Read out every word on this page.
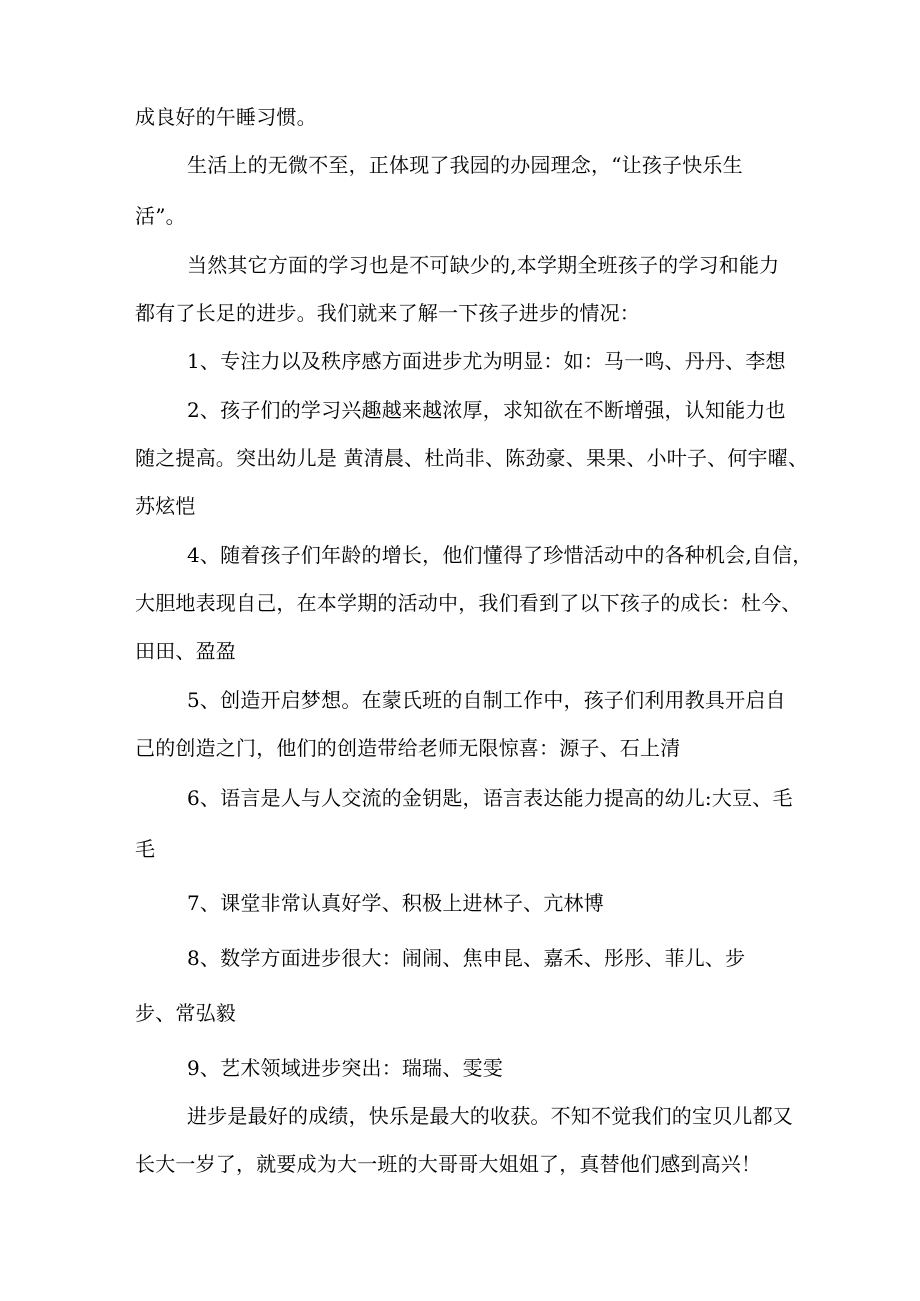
成良好的午睡习惯。
生活上的无微不至，正体现了我园的办园理念，“让孩子快乐生
活”。
当然其它方面的学习也是不可缺少的,本学期全班孩子的学习和能力
都有了长足的进步。我们就来了解一下孩子进步的情况：
1、专注力以及秩序感方面进步尤为明显：如：马一鸣、丹丹、李想
2、孩子们的学习兴趣越来越浓厚，求知欲在不断增强，认知能力也
随之提高。突出幼儿是 黄清晨、杜尚非、陈劲豪、果果、小叶子、何宇曜、
苏炫恺
4、随着孩子们年龄的增长，他们懂得了珍惜活动中的各种机会,自信，
大胆地表现自己，在本学期的活动中，我们看到了以下孩子的成长：杜今、
田田、盈盈
5、创造开启梦想。在蒙氏班的自制工作中，孩子们利用教具开启自
己的创造之门，他们的创造带给老师无限惊喜：源子、石上清
6、语言是人与人交流的金钥匙，语言表达能力提高的幼儿:大豆、毛
毛
7、课堂非常认真好学、积极上进林子、亢林博
8、数学方面进步很大：闹闹、焦申昆、嘉禾、彤彤、菲儿、步
步、常弘毅
9、艺术领域进步突出：瑞瑞、雯雯
进步是最好的成绩，快乐是最大的收获。不知不觉我们的宝贝儿都又
长大一岁了，就要成为大一班的大哥哥大姐姐了，真替他们感到高兴！
